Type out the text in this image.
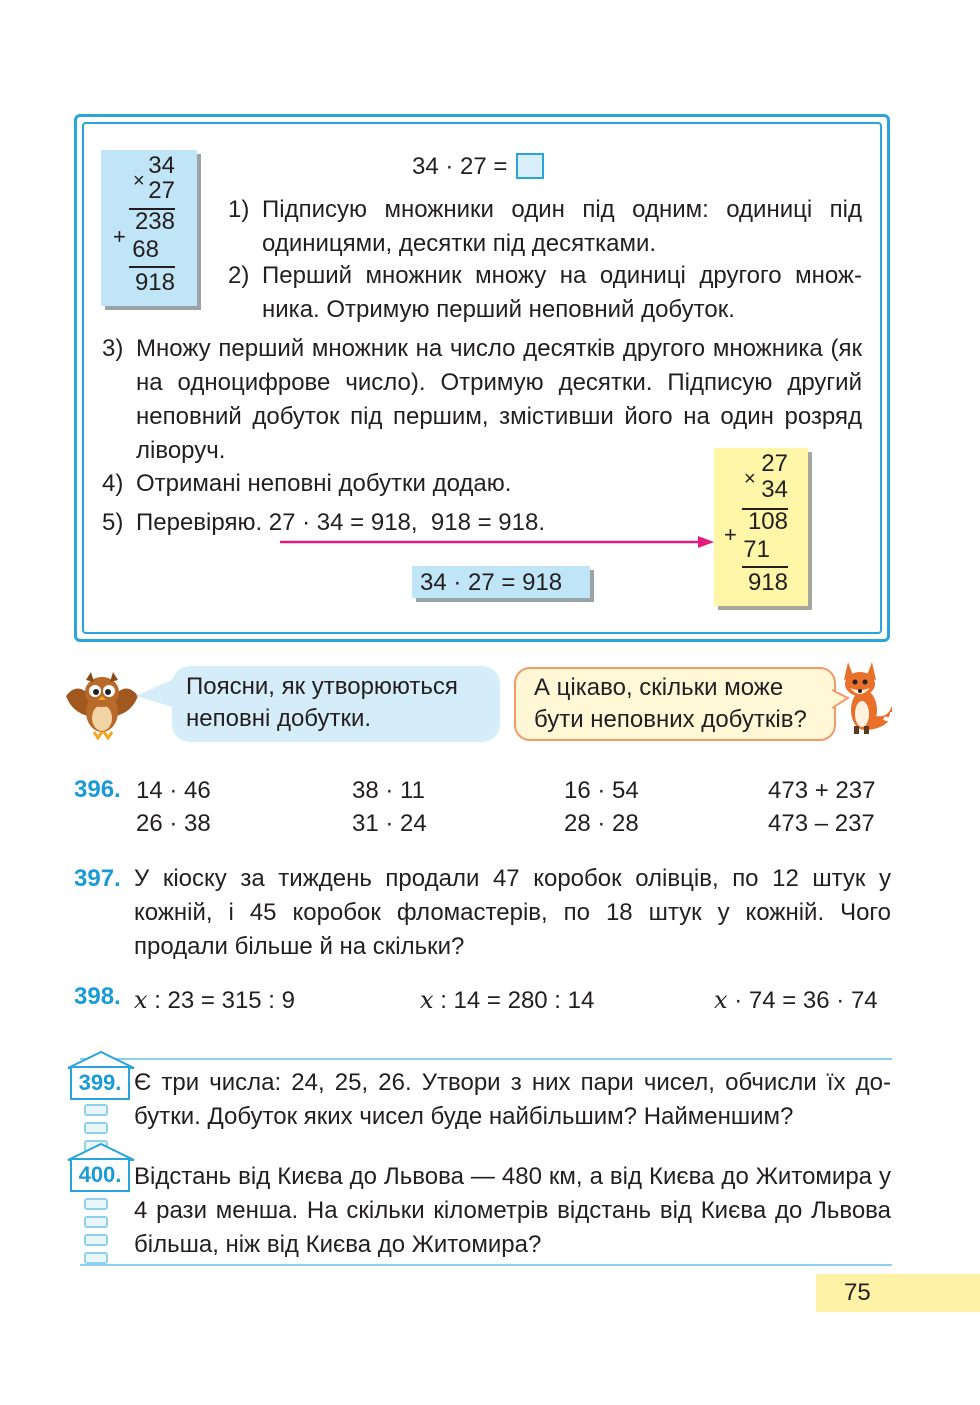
34
× 27
238
+ 68
918
34 · 27 =
1) Підписую множники один під одним: одиниці під одиницями, десятки під десятками.
2) Перший множник множу на одиниці другого множника. Отримую перший неповний добуток.
3) Множу перший множник на число десятків другого множника (як на одноцифрове число). Отримую десятки. Підписую другий неповний добуток під першим, змістивши його на один розряд ліворуч.
4) Отримані неповні добутки додаю.
5) Перевіряю. 27 · 34 = 918,  918 = 918.
34 · 27 = 918
27
× 34
108
+
71
918
Поясни, як утворюються неповні добутки.
А цікаво, скільки може бути неповних добутків?
396. 14 · 46	38 · 11	16 · 54	473 + 237
26 · 38	31 · 24	28 · 28	473 – 237
397. У кіоску за тиждень продали 47 коробок олівців, по 12 штук у кожній, і 45 коробок фломастерів, по 18 штук у кожній. Чого продали більше й на скільки?
398. x : 23 = 315 : 9	x : 14 = 280 : 14	x · 74 = 36 · 74
399. Є три числа: 24, 25, 26. Утвори з них пари чисел, обчисли їх добутки. Добуток яких чисел буде найбільшим? Найменшим?
400. Відстань від Києва до Львова — 480 км, а від Києва до Житомира у 4 рази менша. На скільки кілометрів відстань від Києва до Львова більша, ніж від Києва до Житомира?
75
